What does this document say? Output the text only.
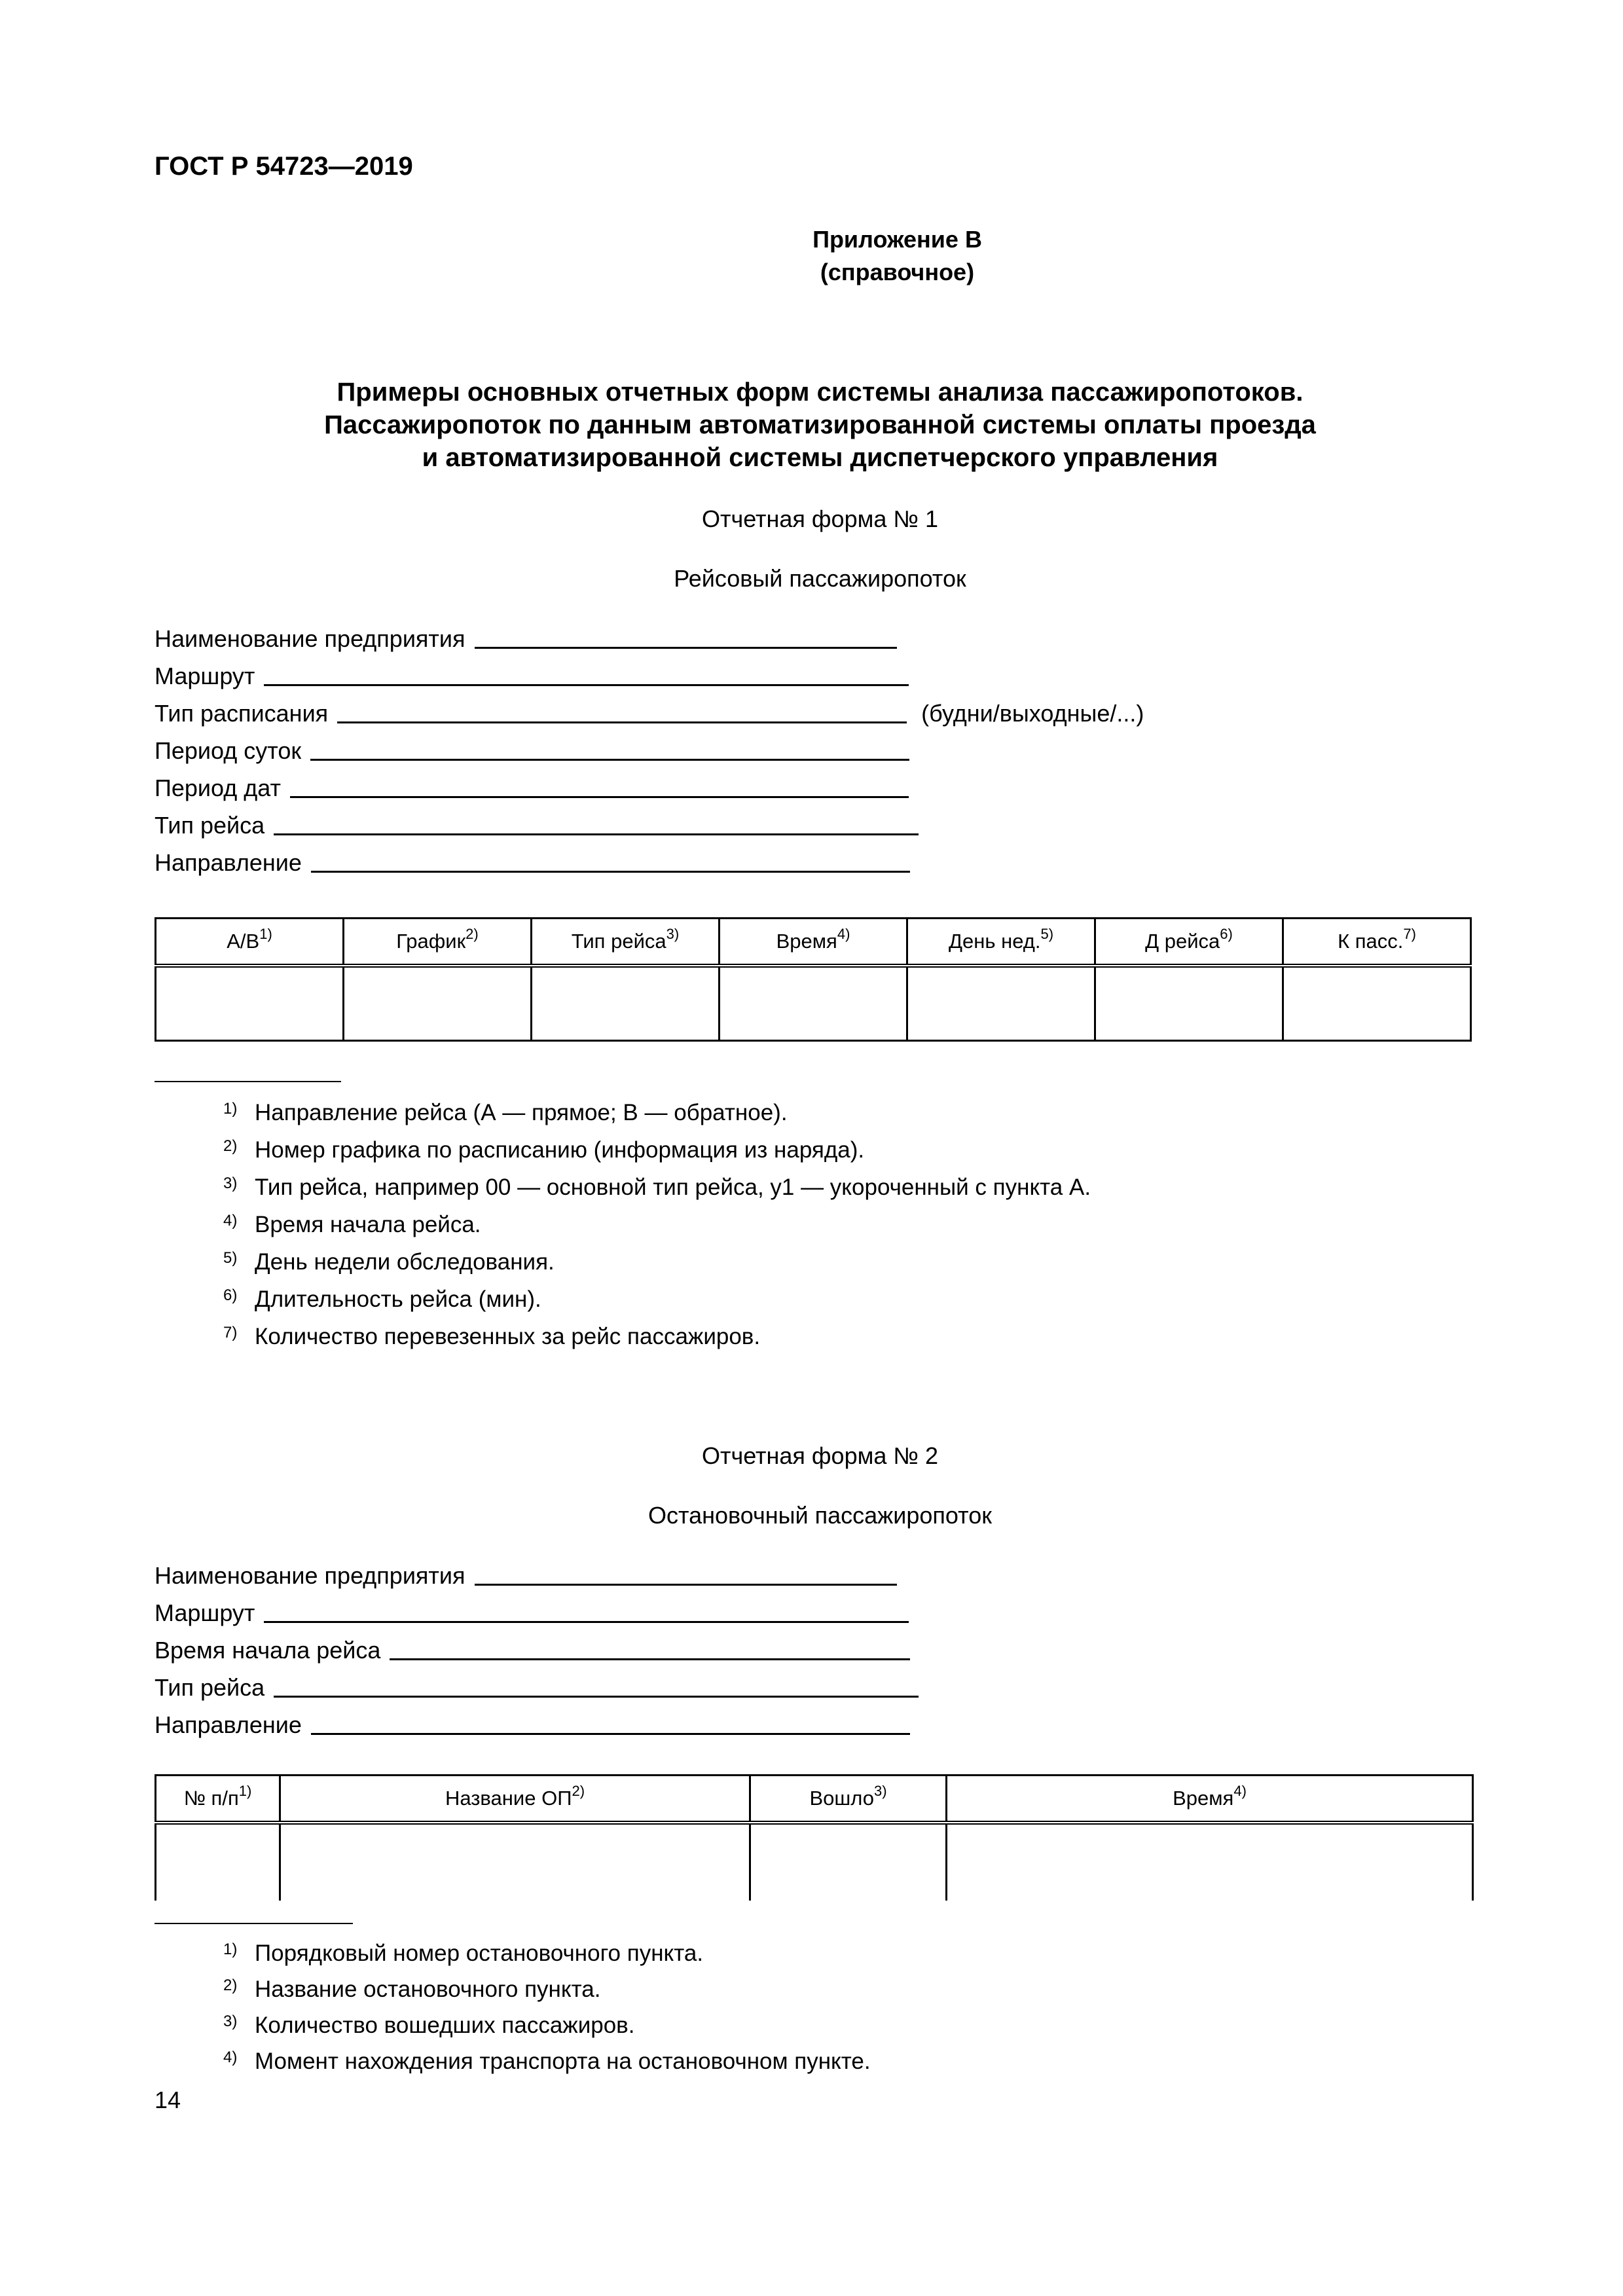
ГОСТ Р 54723—2019
Приложение В
(справочное)
Примеры основных отчетных форм системы анализа пассажиропотоков.
Пассажиропоток по данным автоматизированной системы оплаты проезда
и автоматизированной системы диспетчерского управления
Отчетная форма № 1
Рейсовый пассажиропоток
Наименование предприятия
Маршрут
Тип расписания	(будни/выходные/...)
Период суток
Период дат
Тип рейса
Направление
$А/В^{1)}$	График$^{2)}$	Тип рейса$^{3)}$	Время$^{4)}$	День нед.$^{5)}$	Д рейса$^{6)}$	К пасс.$^{7)}$

1) Направление рейса (А — прямое; В — обратное).
2) Номер графика по расписанию (информация из наряда).
3) Тип рейса, например 00 — основной тип рейса, у1 — укороченный с пункта А.
4) Время начала рейса.
5) День недели обследования.
6) Длительность рейса (мин).
7) Количество перевезенных за рейс пассажиров.
Отчетная форма № 2
Остановочный пассажиропоток
Наименование предприятия
Маршрут
Время начала рейса
Тип рейса
Направление
№ $п/п^{1)}$	Название ОП$^{2)}$	Вошло$^{3)}$	Время$^{4)}$

1) Порядковый номер остановочного пункта.
2) Название остановочного пункта.
3) Количество вошедших пассажиров.
4) Момент нахождения транспорта на остановочном пункте.
14
